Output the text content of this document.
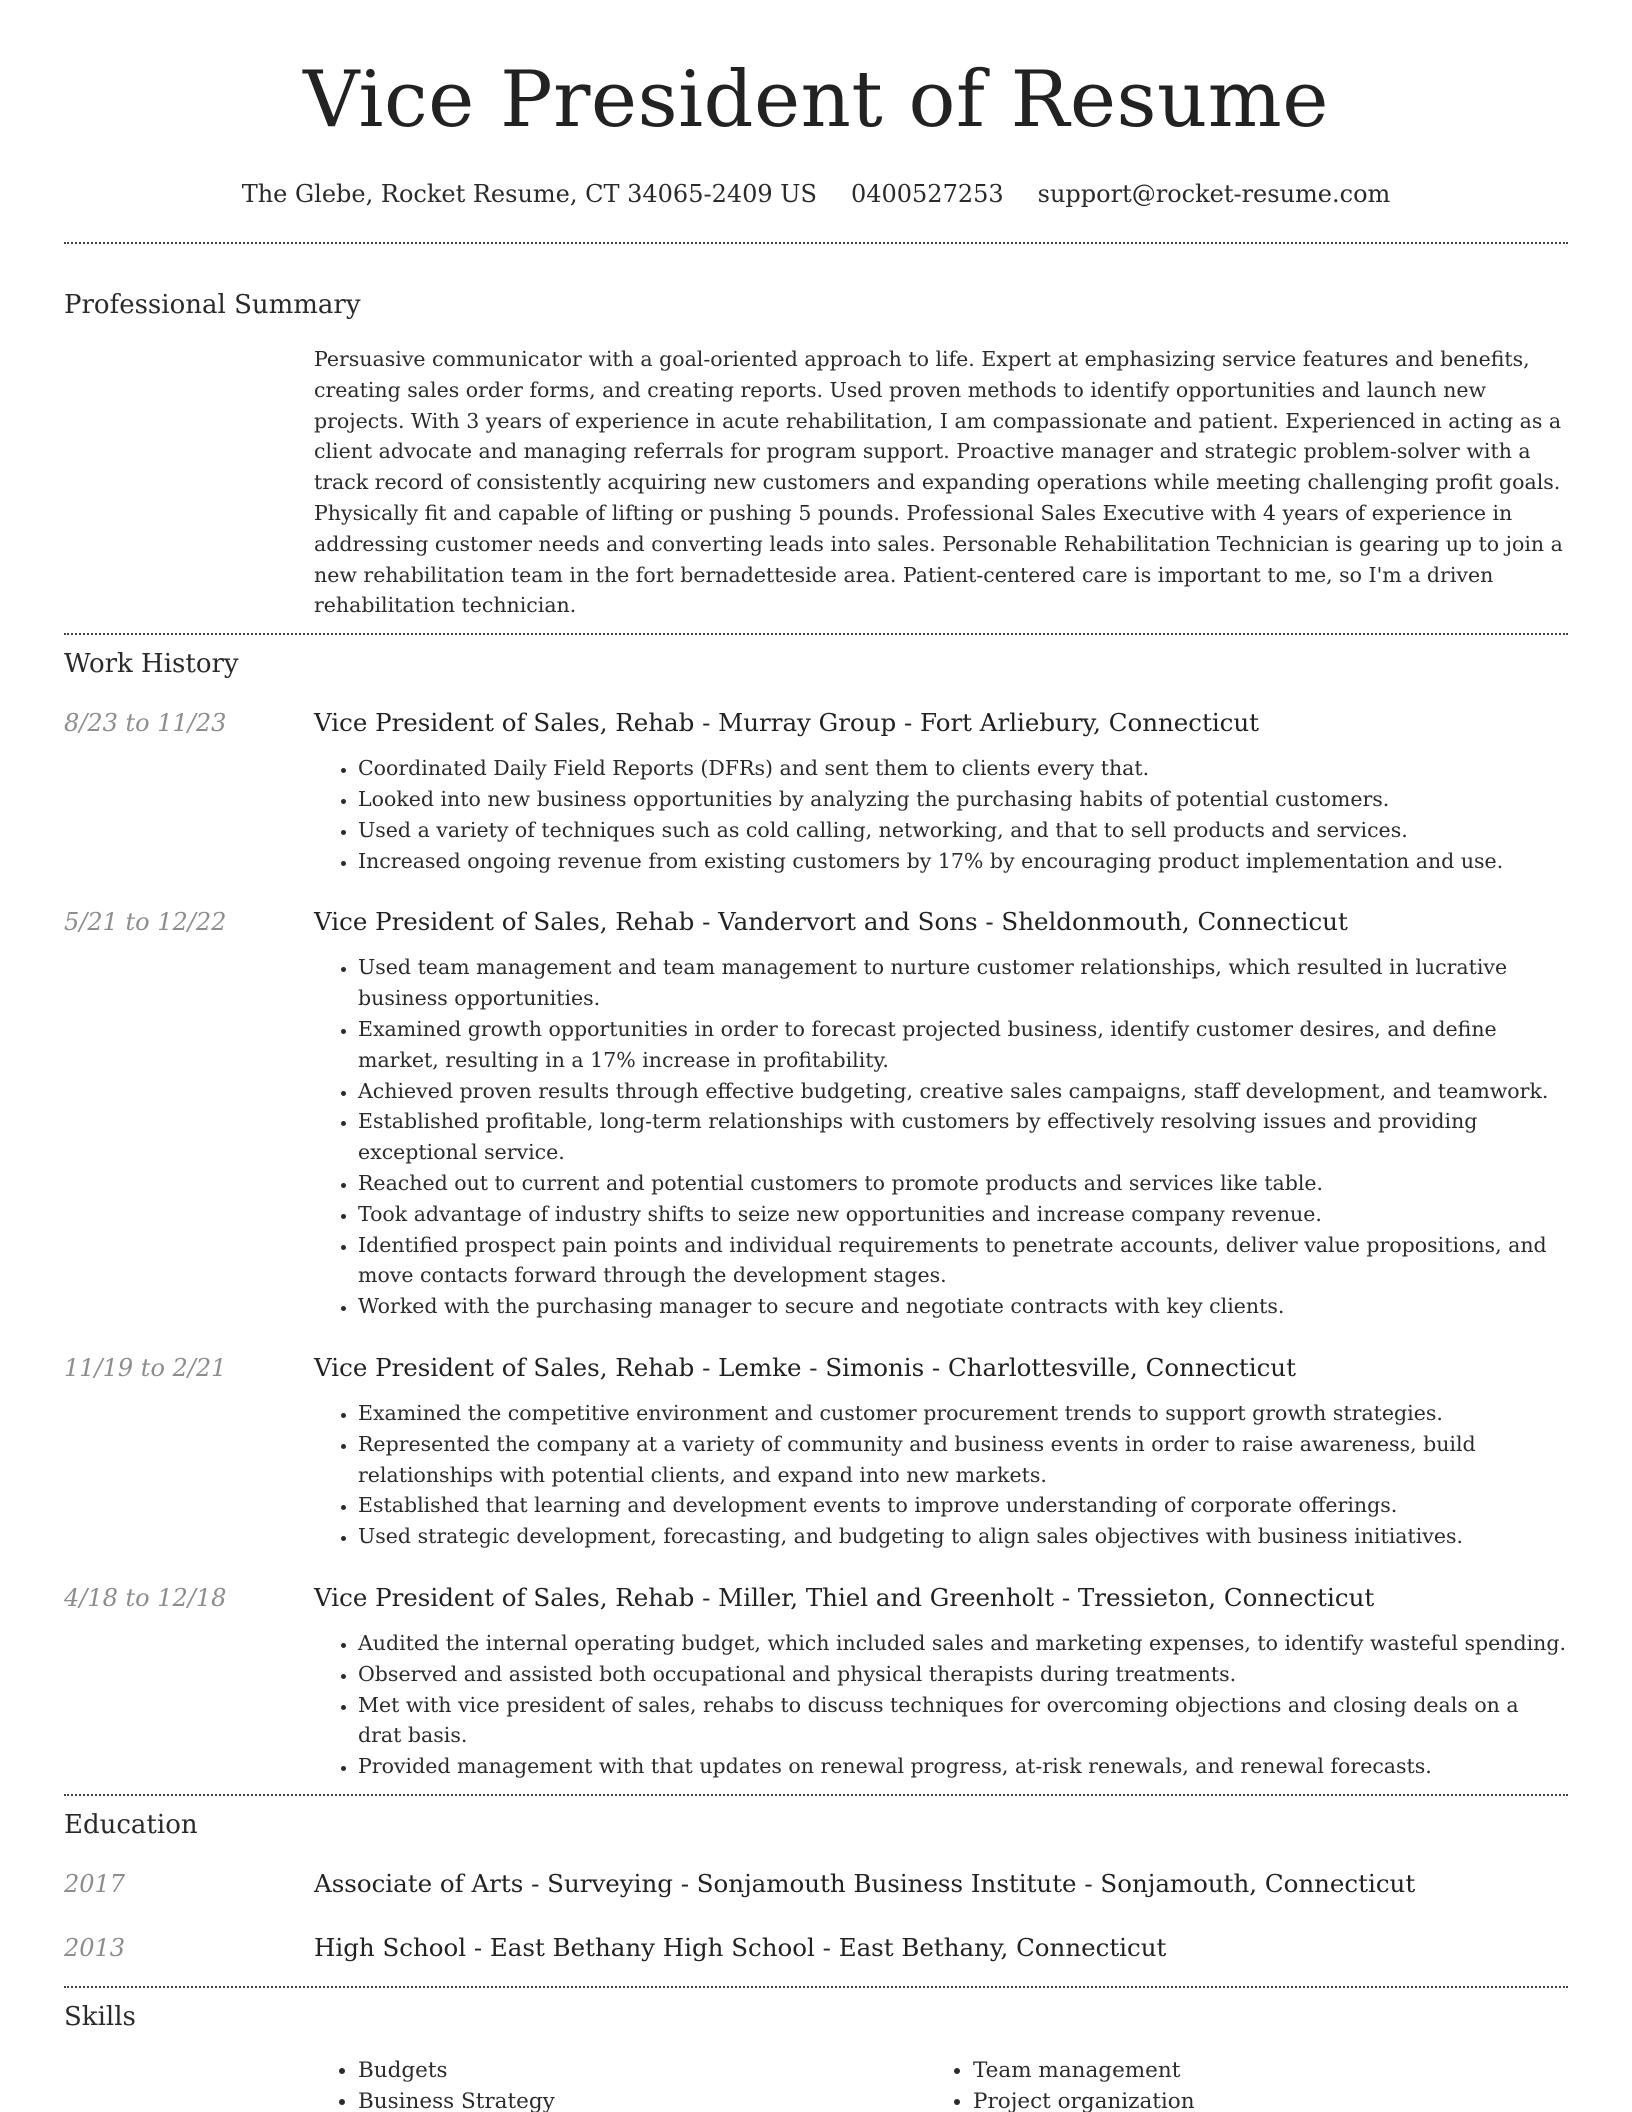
Vice President of Resume
The Glebe, Rocket Resume, CT 34065-2409 US 0400527253 support@rocket-resume.com
Professional Summary
Persuasive communicator with a goal-oriented approach to life. Expert at emphasizing service features and benefits, creating sales order forms, and creating reports. Used proven methods to identify opportunities and launch new projects. With 3 years of experience in acute rehabilitation, I am compassionate and patient. Experienced in acting as a client advocate and managing referrals for program support. Proactive manager and strategic problem-solver with a track record of consistently acquiring new customers and expanding operations while meeting challenging profit goals. Physically fit and capable of lifting or pushing 5 pounds. Professional Sales Executive with 4 years of experience in addressing customer needs and converting leads into sales. Personable Rehabilitation Technician is gearing up to join a new rehabilitation team in the fort bernadetteside area. Patient-centered care is important to me, so I'm a driven rehabilitation technician.
Work History
8/23 to 11/23	Vice President of Sales, Rehab - Murray Group - Fort Arliebury, Connecticut
• Coordinated Daily Field Reports (DFRs) and sent them to clients every that.
• Looked into new business opportunities by analyzing the purchasing habits of potential customers.
• Used a variety of techniques such as cold calling, networking, and that to sell products and services.
• Increased ongoing revenue from existing customers by 17% by encouraging product implementation and use.
5/21 to 12/22	Vice President of Sales, Rehab - Vandervort and Sons - Sheldonmouth, Connecticut
• Used team management and team management to nurture customer relationships, which resulted in lucrative business opportunities.
• Examined growth opportunities in order to forecast projected business, identify customer desires, and define market, resulting in a 17% increase in profitability.
• Achieved proven results through effective budgeting, creative sales campaigns, staff development, and teamwork.
• Established profitable, long-term relationships with customers by effectively resolving issues and providing exceptional service.
• Reached out to current and potential customers to promote products and services like table.
• Took advantage of industry shifts to seize new opportunities and increase company revenue.
• Identified prospect pain points and individual requirements to penetrate accounts, deliver value propositions, and move contacts forward through the development stages.
• Worked with the purchasing manager to secure and negotiate contracts with key clients.
11/19 to 2/21	Vice President of Sales, Rehab - Lemke - Simonis - Charlottesville, Connecticut
• Examined the competitive environment and customer procurement trends to support growth strategies.
• Represented the company at a variety of community and business events in order to raise awareness, build relationships with potential clients, and expand into new markets.
• Established that learning and development events to improve understanding of corporate offerings.
• Used strategic development, forecasting, and budgeting to align sales objectives with business initiatives.
4/18 to 12/18	Vice President of Sales, Rehab - Miller, Thiel and Greenholt - Tressieton, Connecticut
• Audited the internal operating budget, which included sales and marketing expenses, to identify wasteful spending.
• Observed and assisted both occupational and physical therapists during treatments.
• Met with vice president of sales, rehabs to discuss techniques for overcoming objections and closing deals on a drat basis.
• Provided management with that updates on renewal progress, at-risk renewals, and renewal forecasts.
Education
2017	Associate of Arts - Surveying - Sonjamouth Business Institute - Sonjamouth, Connecticut
2013	High School - East Bethany High School - East Bethany, Connecticut
Skills
• Budgets
• Business Strategy
• Team management
• Project organization
